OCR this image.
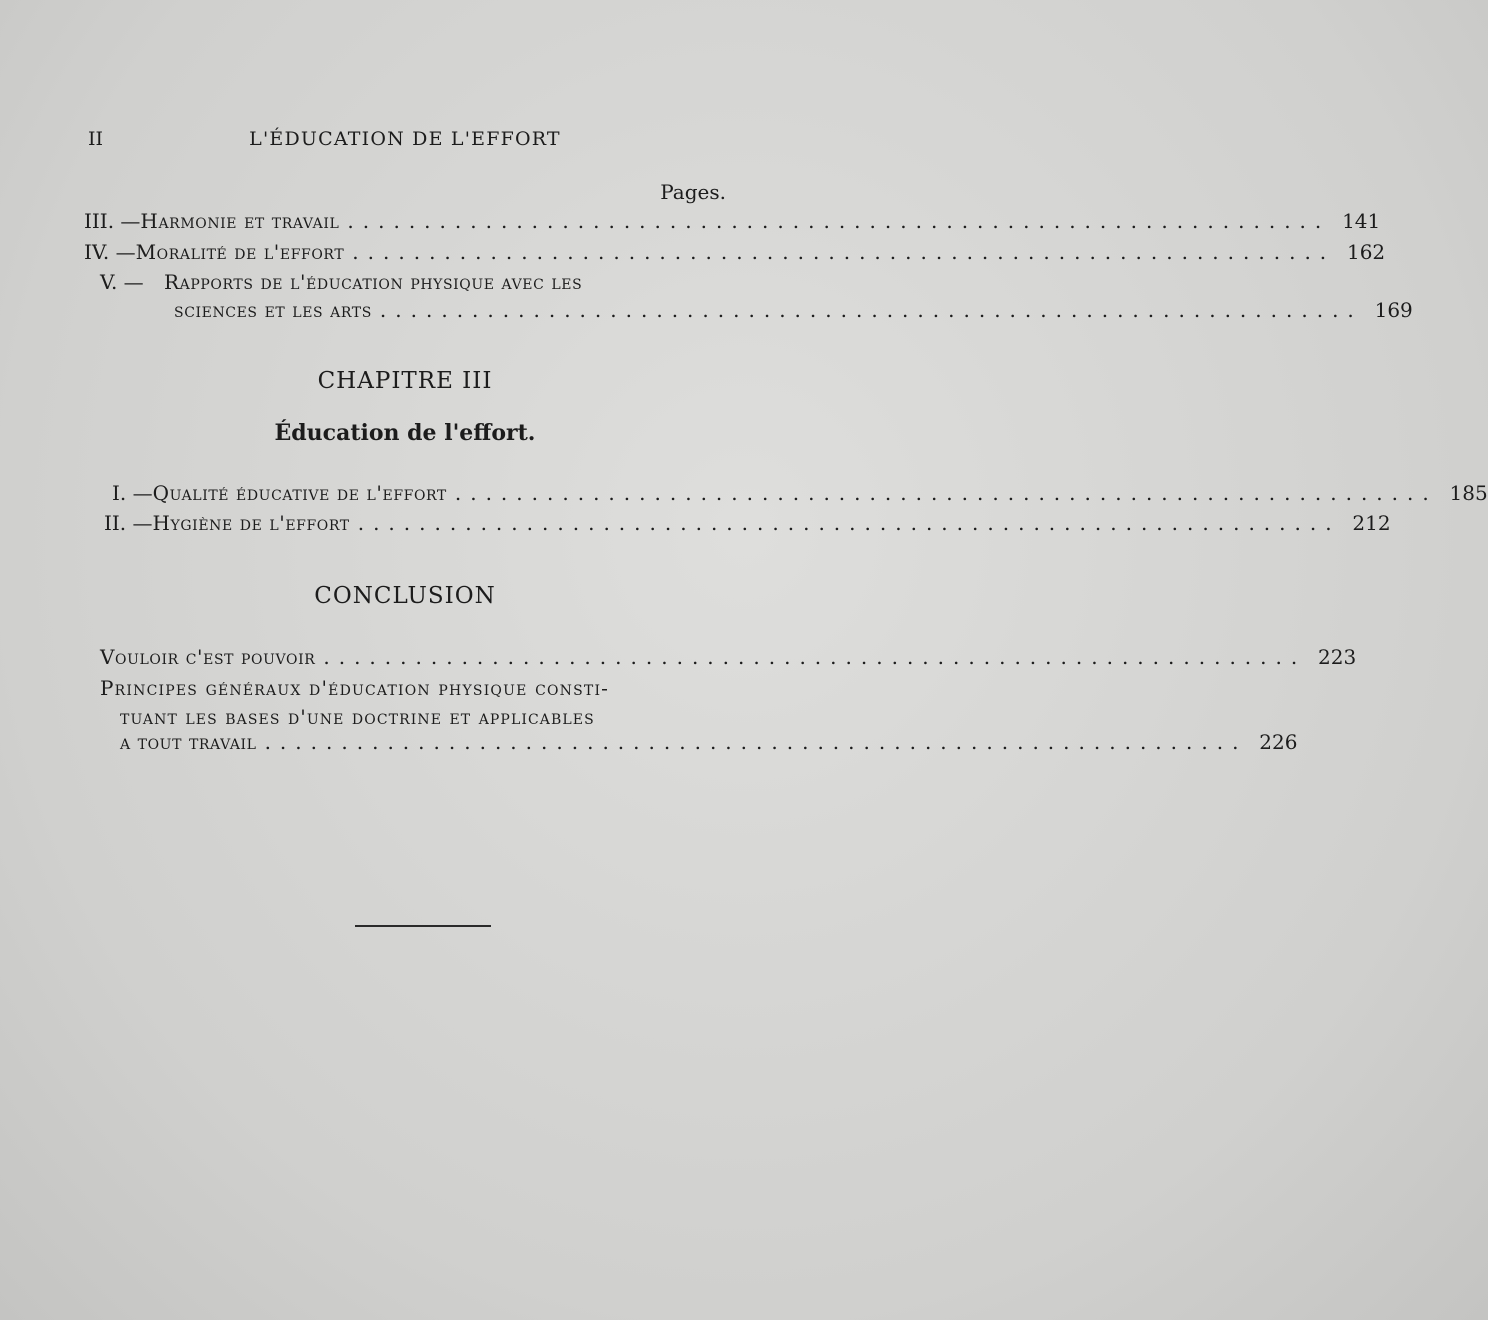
II	L'ÉDUCATION DE L'EFFORT

Pages.

III. — Harmonie et travail ................................................................ 141
IV. — Moralité de l'effort ................................................................ 162
V. —	Rapports de l'éducation physique avec les
sciences et les arts ................................................................ 169

CHAPITRE III

Éducation de l'effort.

I. — Qualité éducative de l'effort ................................................................ 185
II. — Hygiène de l'effort ................................................................ 212

CONCLUSION

Vouloir c'est pouvoir ................................................................ 223
Principes généraux d'éducation physique consti-
tuant les bases d'une doctrine et applicables
a tout travail ................................................................ 226
